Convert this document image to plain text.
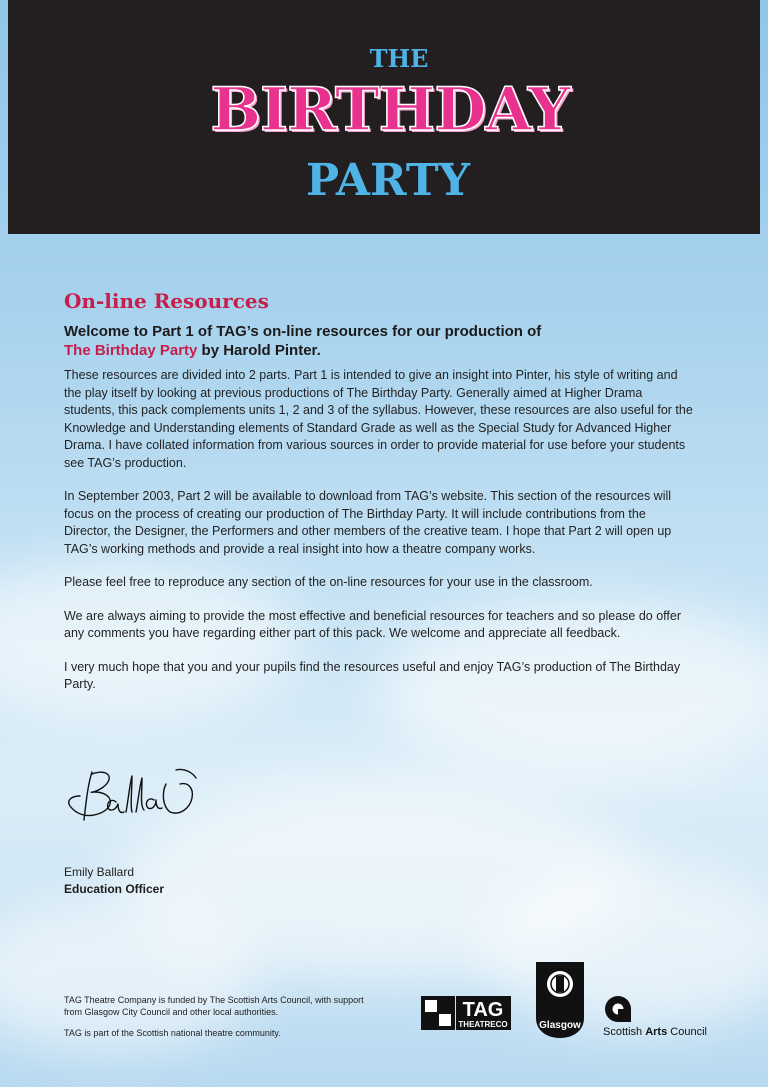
THE
BIRTHDAY
PARTY
On-line Resources
Welcome to Part 1 of TAG’s on-line resources for our production of
The Birthday Party by Harold Pinter.

These resources are divided into 2 parts. Part 1 is intended to give an insight into Pinter, his style of writing and the play itself by looking at previous productions of The Birthday Party. Generally aimed at Higher Drama students, this pack complements units 1, 2 and 3 of the syllabus. However, these resources are also useful for the Knowledge and Understanding elements of Standard Grade as well as the Special Study for Advanced Higher Drama. I have collated information from various sources in order to provide material for use before your students see TAG’s production.

In September 2003, Part 2 will be available to download from TAG’s website. This section of the resources will focus on the process of creating our production of The Birthday Party. It will include contributions from the Director, the Designer, the Performers and other members of the creative team. I hope that Part 2 will open up TAG’s working methods and provide a real insight into how a theatre company works.

Please feel free to reproduce any section of the on-line resources for your use in the classroom.

We are always aiming to provide the most effective and beneficial resources for teachers and so please do offer any comments you have regarding either part of this pack. We welcome and appreciate all feedback.

I very much hope that you and your pupils find the resources useful and enjoy TAG’s production of The Birthday Party.

Emily Ballard
Education Officer

TAG Theatre Company is funded by The Scottish Arts Council, with support from Glasgow City Council and other local authorities.

TAG is part of the Scottish national theatre community.

TAG
THEATRECO	Glasgow
Scottish Arts Council
